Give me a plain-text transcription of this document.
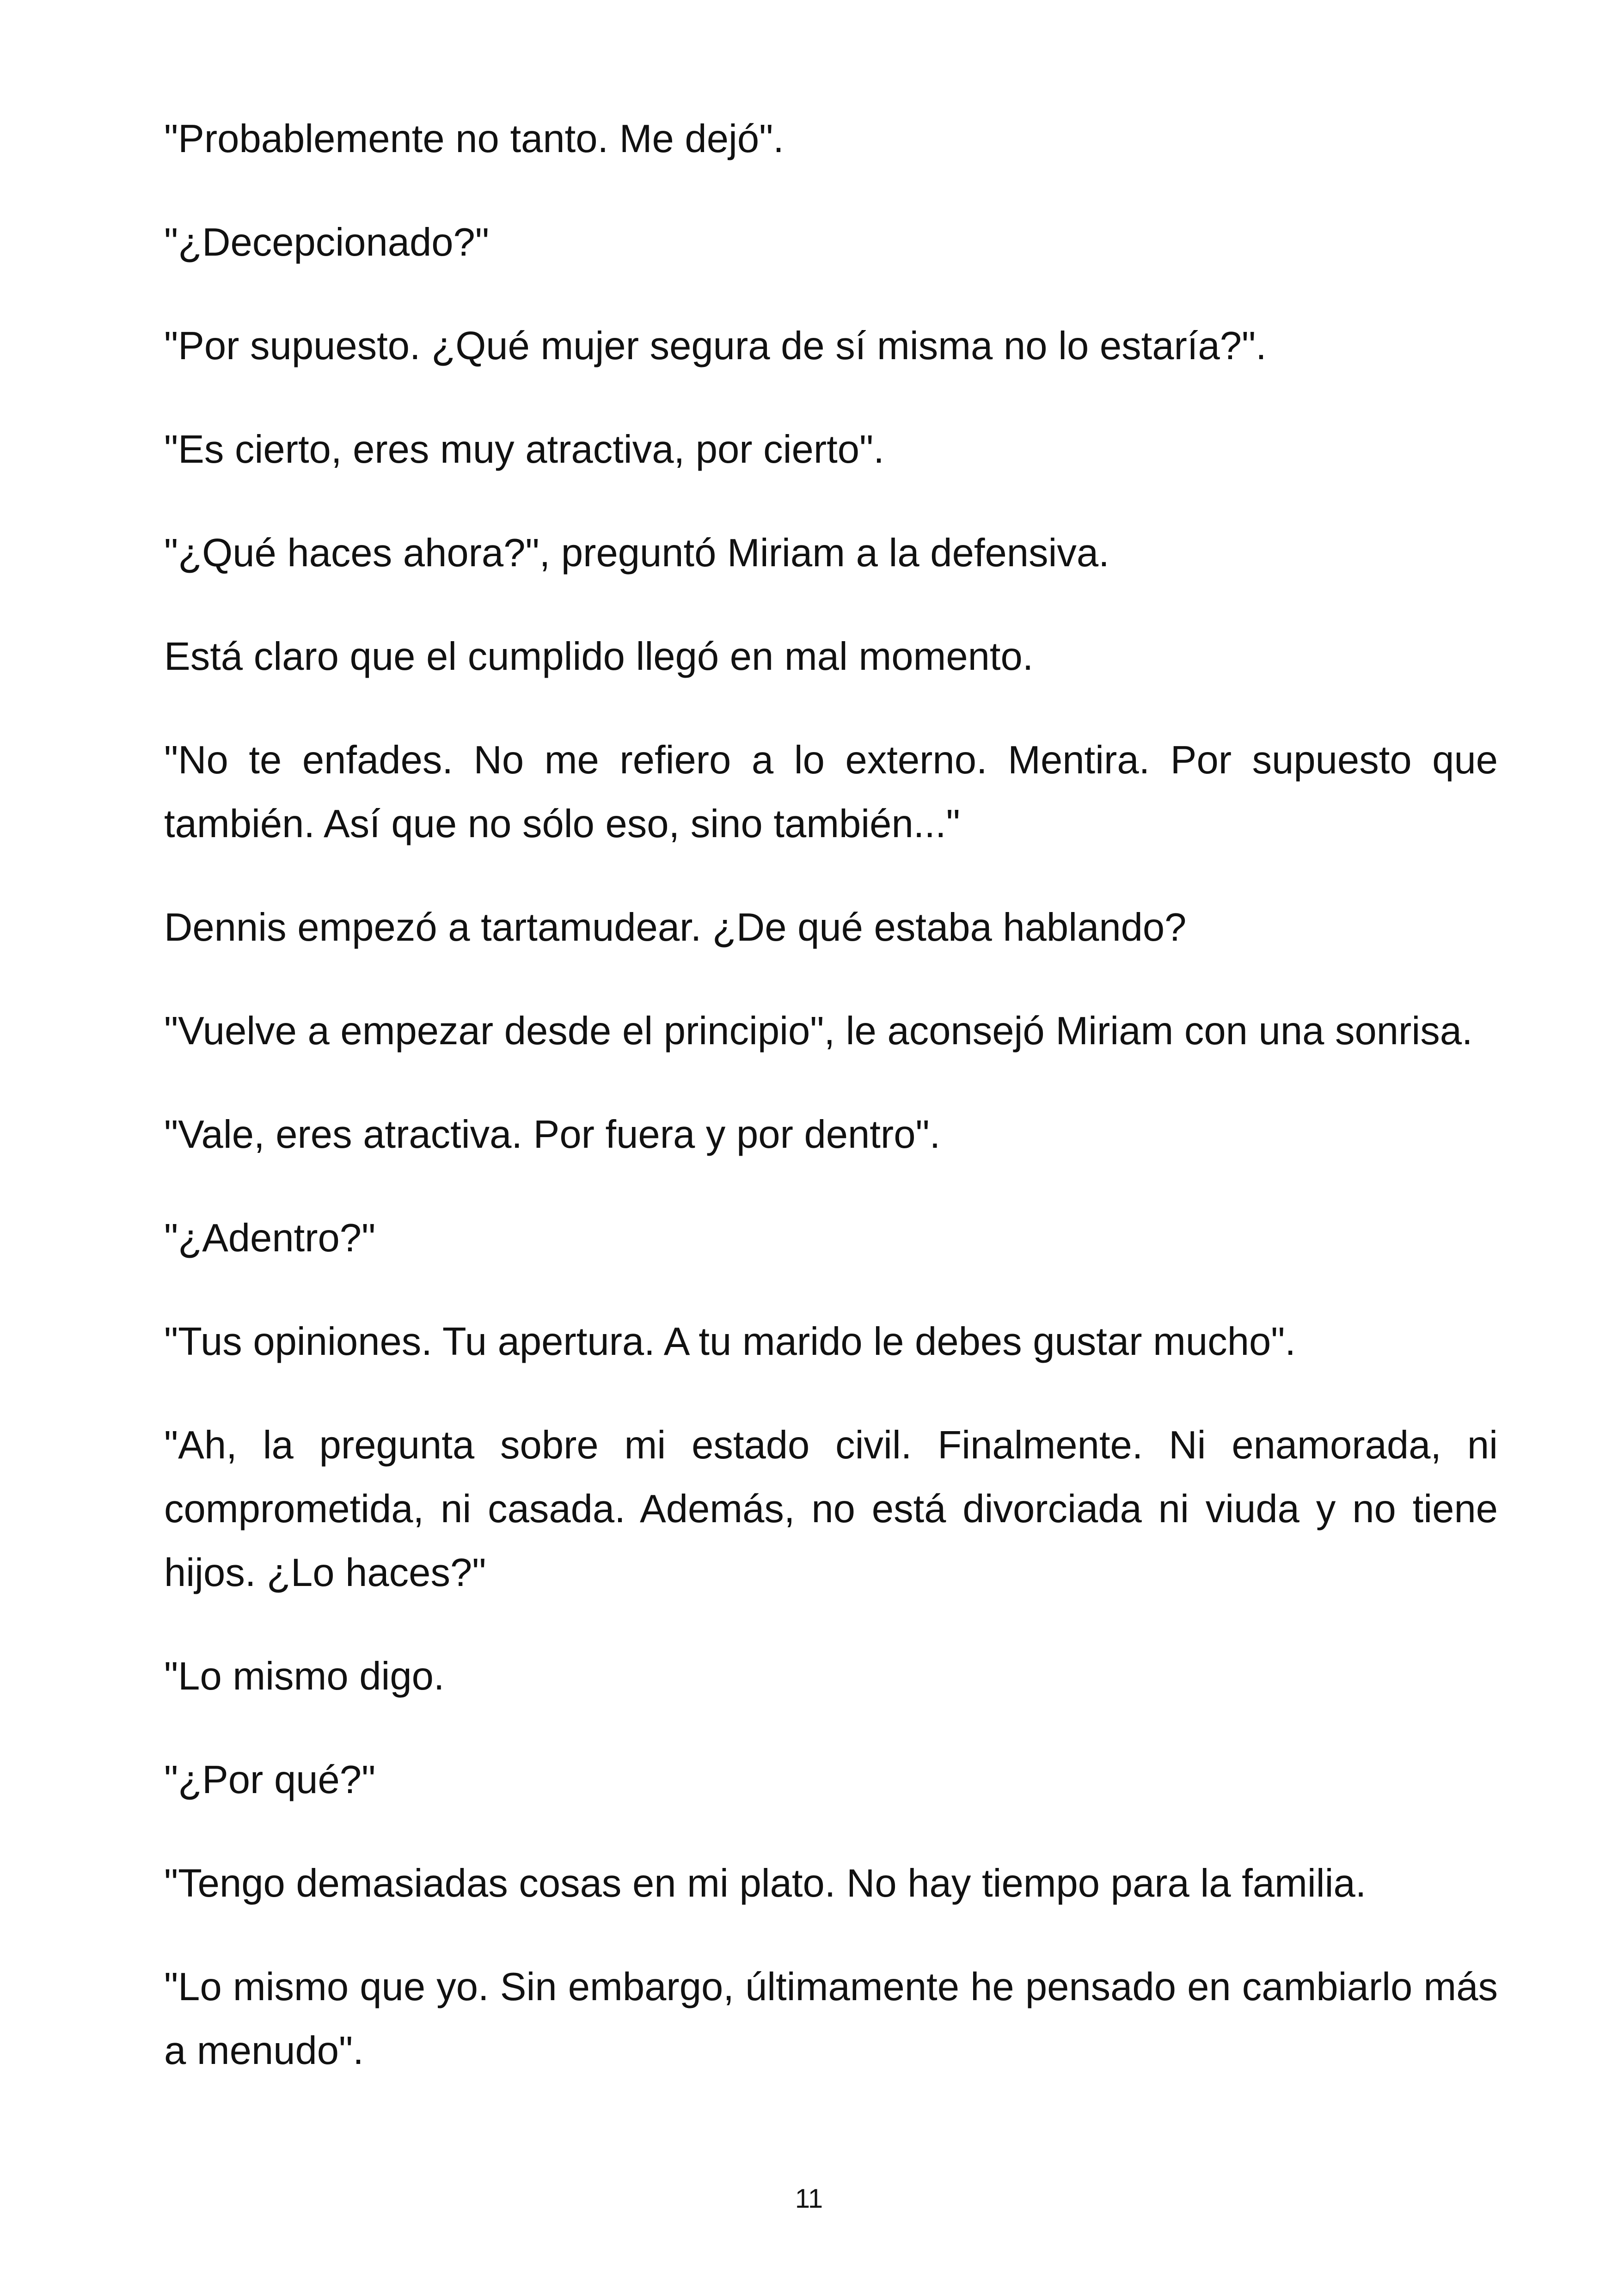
"Probablemente no tanto. Me dejó".

"¿Decepcionado?"

"Por supuesto. ¿Qué mujer segura de sí misma no lo estaría?".

"Es cierto, eres muy atractiva, por cierto".

"¿Qué haces ahora?", preguntó Miriam a la defensiva.

Está claro que el cumplido llegó en mal momento.

"No te enfades. No me refiero a lo externo. Mentira. Por supuesto que también. Así que no sólo eso, sino también..."

Dennis empezó a tartamudear. ¿De qué estaba hablando?

"Vuelve a empezar desde el principio", le aconsejó Miriam con una sonrisa.

"Vale, eres atractiva. Por fuera y por dentro".

"¿Adentro?"

"Tus opiniones. Tu apertura. A tu marido le debes gustar mucho".

"Ah, la pregunta sobre mi estado civil. Finalmente. Ni enamorada, ni comprometida, ni casada. Además, no está divorciada ni viuda y no tiene hijos. ¿Lo haces?"

"Lo mismo digo.

"¿Por qué?"

"Tengo demasiadas cosas en mi plato. No hay tiempo para la familia.

"Lo mismo que yo. Sin embargo, últimamente he pensado en cambiarlo más a menudo".

11
